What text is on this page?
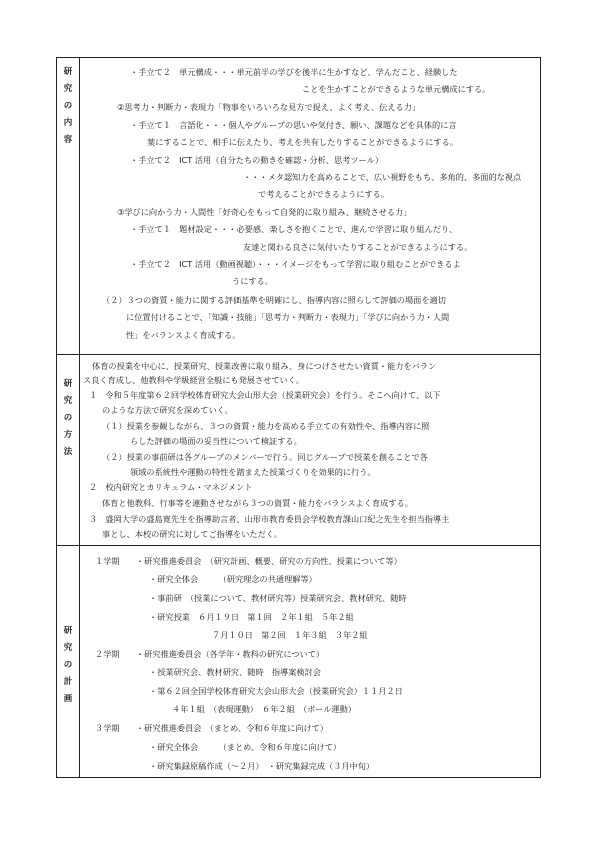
研
究
の
内
容
研
究
の
方
法
研
究
の
計
画
・手立て２　単元構成・・・単元前半の学びを後半に生かすなど、学んだこと、経験した
ことを生かすことができるような単元構成にする。
②思考力・判断力・表現力「物事をいろいろな見方で捉え、よく考え、伝える力」
・手立て１　言語化・・・個人やグループの思いや気付き、願い、課題などを具体的に言
葉にすることで、相手に伝えたり、考えを共有したりすることができるようにする。
・手立て２　ICT 活用（自分たちの動きを確認・分析、思考ツール）
・・・メタ認知力を高めることで、広い視野をもち、多角的、多面的な視点
で考えることができるようにする。
③学びに向かう力・人間性「好奇心をもって自発的に取り組み、継続させる力」
・手立て１　題材設定・・・必要感、楽しさを抱くことで、進んで学習に取り組んだり、
友達と関わる良さに気付いたりすることができるようにする。
・手立て２　ICT 活用（動画視聴）・・・イメージをもって学習に取り組むことができるよ
うにする。
（２）３つの資質・能力に関する評価基準を明確にし、指導内容に照らして評価の場面を適切
に位置付けることで、「知識・技能」「思考力・判断力・表現力」「学びに向かう力・人間
性」をバランスよく育成する。
体育の授業を中心に、授業研究、授業改善に取り組み、身につけさせたい資質・能力をバラン
ス良く育成し、他教科や学級経営全般にも発展させていく。
１　令和５年度第６２回学校体育研究大会山形大会（授業研究会）を行う。そこへ向けて、以下
のような方法で研究を深めていく。
（１）授業を参観しながら、３つの資質・能力を高める手立ての有効性や、指導内容に照
らした評価の場面の妥当性について検証する。
（２）授業の事前研は各グループのメンバーで行う。同じグループで授業を創ることで各
領域の系統性や運動の特性を踏まえた授業づくりを効果的に行う。
２　校内研究とカリキュラム・マネジメント
体育と他教科、行事等を連動させながら３つの資質・能力をバランスよく育成する。
３　盛岡大学の盛島寛先生を指導助言者、山形市教育委員会学校教育課山口紀之先生を担当指導主
事とし、本校の研究に対してご指導をいただく。
１学期　　・研究推進委員会　（研究計画、概要、研究の方向性、授業について等）
・研究全体会　　　（研究理念の共通理解等）
・事前研　（授業について、教材研究等）授業研究会、教材研究、随時
・研究授業　６月１９日　第１回　２年１組　５年２組
７月１０日　第２回　１年３組　３年２組
２学期　　・研究推進委員会（各学年・教科の研究について）
・授業研究会、教材研究、随時　指導案検討会
・第６２回全国学校体育研究大会山形大会（授業研究会）１１月２日
４年１組　（表現運動）　６年２組　（ボール運動）
３学期　　・研究推進委員会　（まとめ、令和６年度に向けて）
・研究全体会　　　（まとめ、令和６年度に向けて）
・研究集録原稿作成（～２月）　・研究集録完成（３月中旬）
